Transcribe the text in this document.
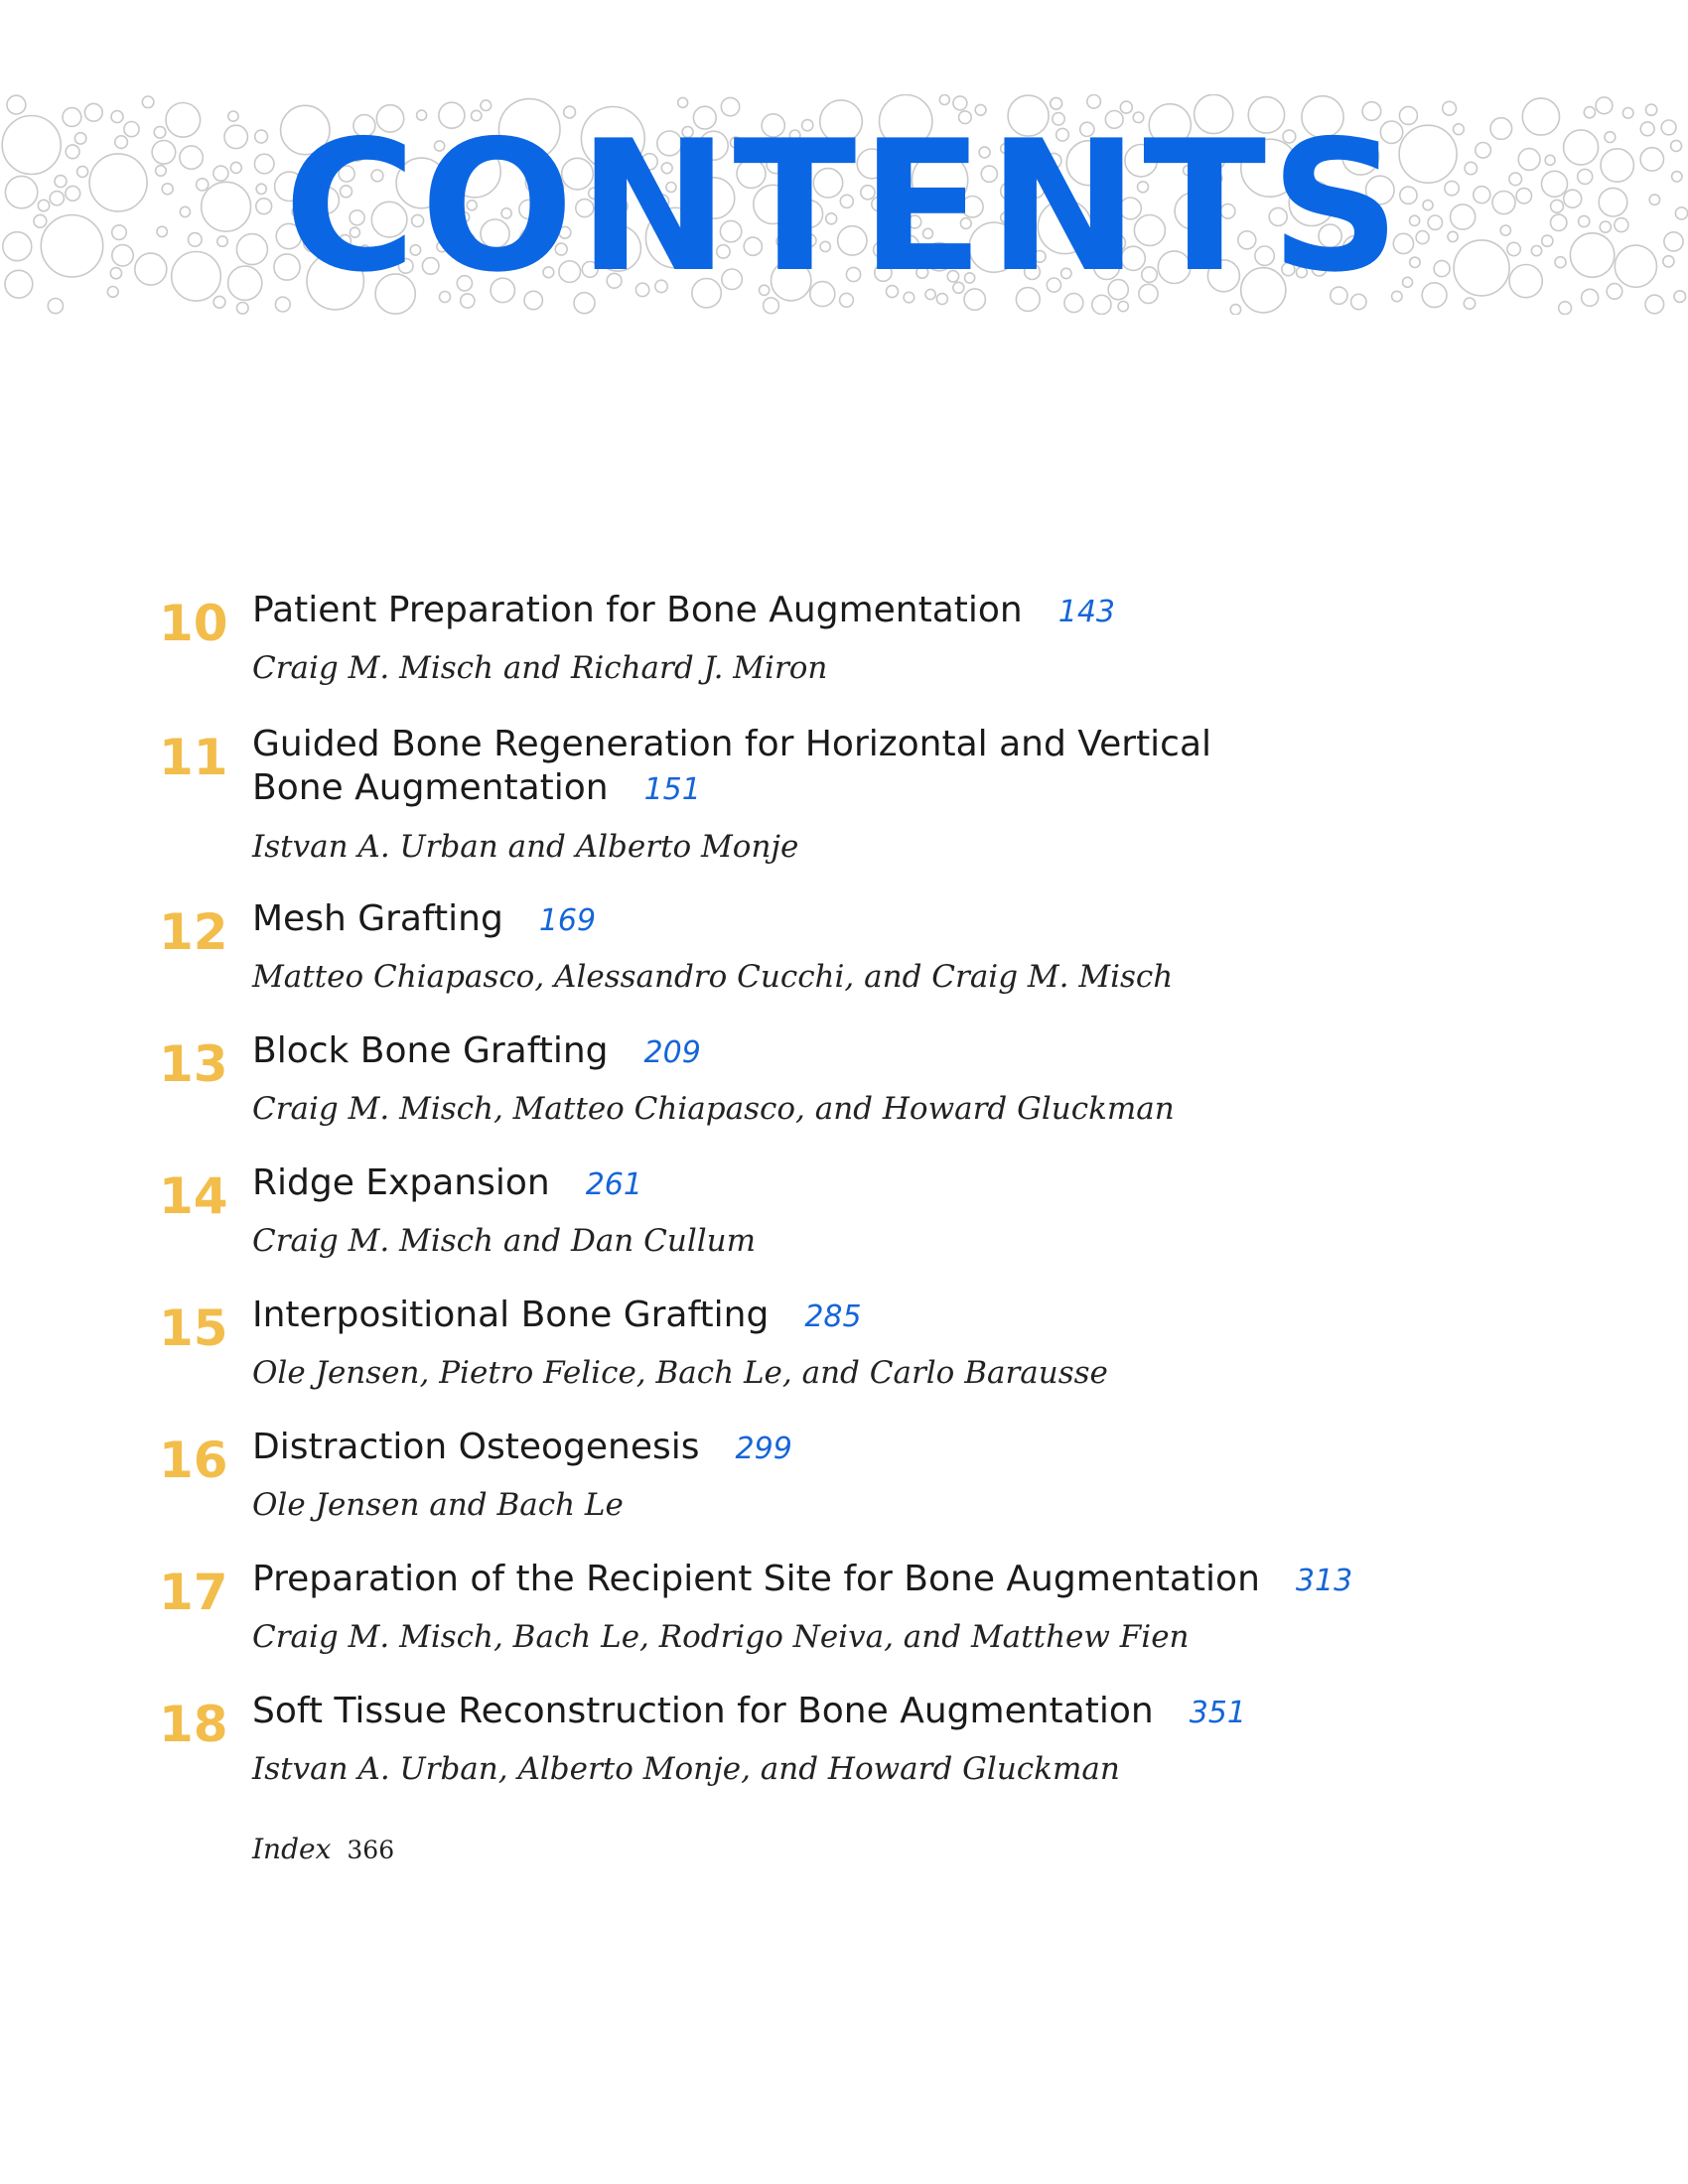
CONTENTS
10 Patient Preparation for Bone Augmentation 143
Craig M. Misch and Richard J. Miron
11 Guided Bone Regeneration for Horizontal and Vertical Bone Augmentation 151
Istvan A. Urban and Alberto Monje
12 Mesh Grafting 169
Matteo Chiapasco, Alessandro Cucchi, and Craig M. Misch
13 Block Bone Grafting 209
Craig M. Misch, Matteo Chiapasco, and Howard Gluckman
14 Ridge Expansion 261
Craig M. Misch and Dan Cullum
15 Interpositional Bone Grafting 285
Ole Jensen, Pietro Felice, Bach Le, and Carlo Barausse
16 Distraction Osteogenesis 299
Ole Jensen and Bach Le
17 Preparation of the Recipient Site for Bone Augmentation 313
Craig M. Misch, Bach Le, Rodrigo Neiva, and Matthew Fien
18 Soft Tissue Reconstruction for Bone Augmentation 351
Istvan A. Urban, Alberto Monje, and Howard Gluckman
Index 366
